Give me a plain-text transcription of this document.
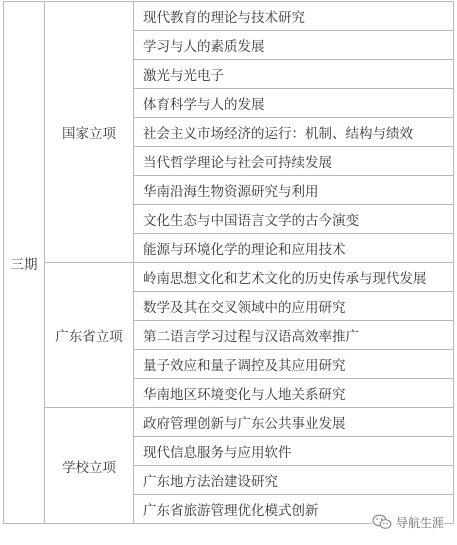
三期	国家立项	现代教育的理论与技术研究
		学习与人的素质发展
		激光与光电子
		体育科学与人的发展
		社会主义市场经济的运行：机制、结构与绩效
		当代哲学理论与社会可持续发展
		华南沿海生物资源研究与利用
		文化生态与中国语言文学的古今演变
		能源与环境化学的理论和应用技术
	广东省立项	岭南思想文化和艺术文化的历史传承与现代发展
		数学及其在交叉领域中的应用研究
		第二语言学习过程与汉语高效率推广
		量子效应和量子调控及其应用研究
		华南地区环境变化与人地关系研究
	学校立项	政府管理创新与广东公共事业发展
		现代信息服务与应用软件
		广东地方法治建设研究
		广东省旅游管理优化模式创新
导航生涯
